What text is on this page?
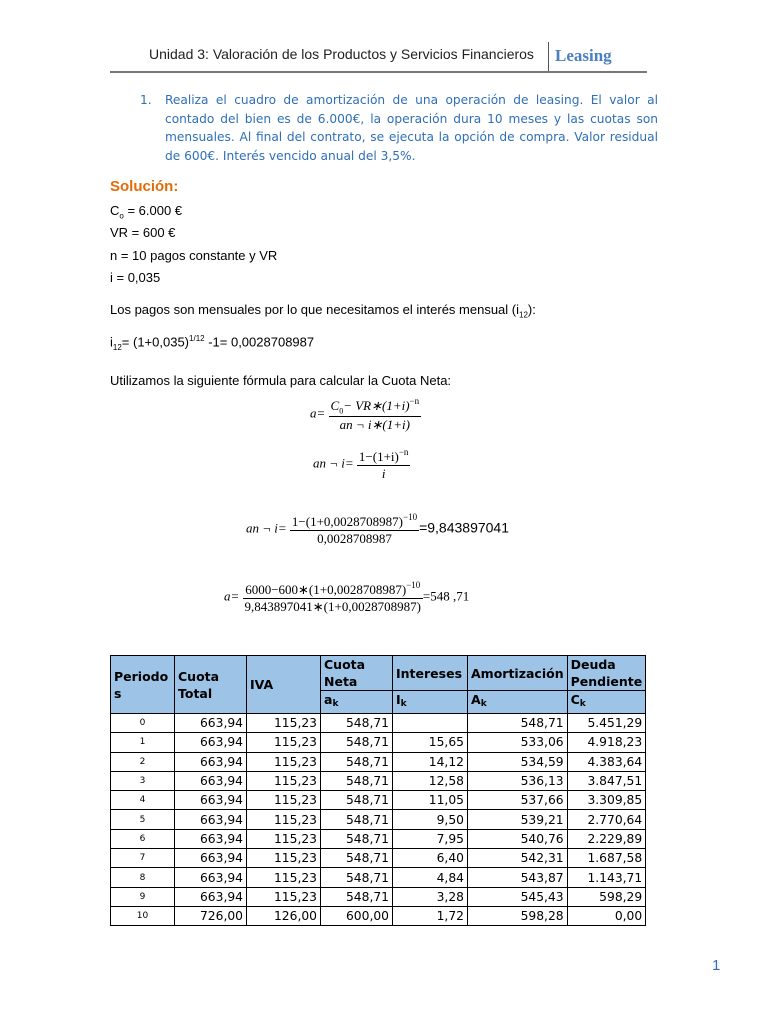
Unidad 3: Valoración de los Productos y Servicios Financieros Leasing
1. Realiza el cuadro de amortización de una operación de leasing. El valor al contado del bien es de 6.000€, la operación dura 10 meses y las cuotas son mensuales. Al final del contrato, se ejecuta la opción de compra. Valor residual de 600€. Interés vencido anual del 3,5%.
Solución:
$C_o = 6.000$ €
VR = 600 €
n = 10 pagos constante y VR
i = 0,035
Los pagos son mensuales por lo que necesitamos el interés mensual $(i_{12})$:
$i_{12}= (1+0,035)^{1/12}$ -1= 0,0028708987
Utilizamos la siguiente fórmula para calcular la Cuota Neta:
$a= \frac{C_0- VR∗(1+i)^{-n}}{an \neg i∗(1+i)}$
an ¬ $i= \frac{1-(1+i)^{-n}}{i}$
an ¬ $i= \frac{1-(1+0,0028708987)^{-10}}{0,0028708987} =9,843897041$
$a= \frac{6000-600∗(1+0,0028708987)^{-10}}{9,843897041∗(1+0,0028708987)} =548$ ,71
Periodo s	Cuota Total	IVA	Cuota Neta	Intereses	Amortización	Deuda Pendiente
			$a_k$	$I_k$	$A_k$	$C_k$
0	663,94	115,23	548,71		548,71	5.451,29
1	663,94	115,23	548,71	15,65	533,06	4.918,23
2	663,94	115,23	548,71	14,12	534,59	4.383,64
3	663,94	115,23	548,71	12,58	536,13	3.847,51
4	663,94	115,23	548,71	11,05	537,66	3.309,85
5	663,94	115,23	548,71	9,50	539,21	2.770,64
6	663,94	115,23	548,71	7,95	540,76	2.229,89
7	663,94	115,23	548,71	6,40	542,31	1.687,58
8	663,94	115,23	548,71	4,84	543,87	1.143,71
9	663,94	115,23	548,71	3,28	545,43	598,29
10	726,00	126,00	600,00	1,72	598,28	0,00
1
